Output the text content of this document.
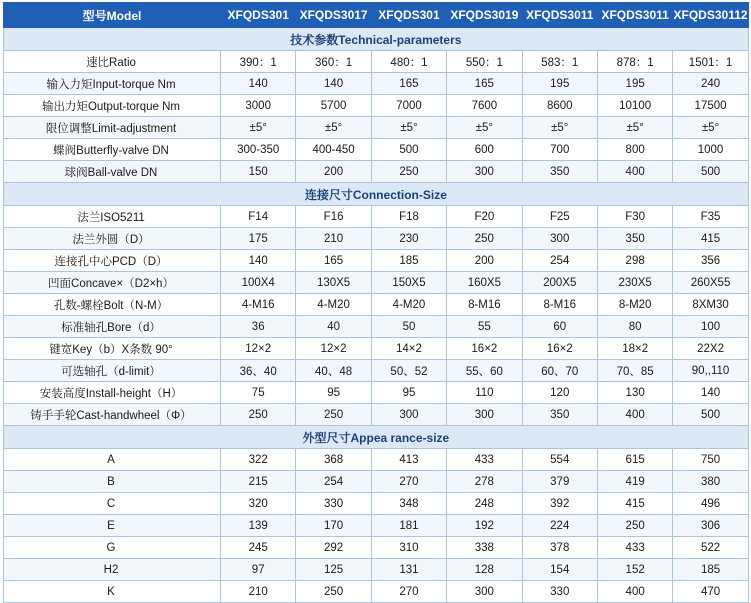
型号Model	XFQDS301	XFQDS3017	XFQDS301	XFQDS3019	XFQDS3011	XFQDS3011	XFQDS30112
技术参数Technical-parameters							
速比Ratio	390：1	360：1	480：1	550：1	583：1	878：1	1501：1
输入力矩Input-torque Nm	140	140	165	165	195	195	240
输出力矩Output-torque Nm	3000	5700	7000	7600	8600	10100	17500
限位调整Limit-adjustment	±5°	±5°	±5°	±5°	±5°	±5°	±5°
蝶阀Butterfly-valve DN	300-350	400-450	500	600	700	800	1000
球阀Ball-valve DN	150	200	250	300	350	400	500
连接尺寸Connection-Size							
法兰ISO5211	F14	F16	F18	F20	F25	F30	F35
法兰外圆（D）	175	210	230	250	300	350	415
连接孔中心PCD（D）	140	165	185	200	254	298	356
凹面Concave×（D2×h）	100X4	130X5	150X5	160X5	200X5	230X5	260X55
孔数-螺栓Bolt（N-M）	4-M16	4-M20	4-M20	8-M16	8-M16	8-M20	8XM30
标准轴孔Bore（d）	36	40	50	55	60	80	100
键宽Key（b）X条数 90°	12×2	12×2	14×2	16×2	16×2	18×2	22X2
可选轴孔（d-limit）	36、40	40、48	50、52	55、60	60、70	70、85	90,,110
安装高度Install-height（H）	75	95	95	110	120	130	140
铸手手轮Cast-handwheel（Φ）	250	250	300	300	350	400	500
外型尺寸Appea rance-size							
A	322	368	413	433	554	615	750
B	215	254	270	278	379	419	380
C	320	330	348	248	392	415	496
E	139	170	181	192	224	250	306
G	245	292	310	338	378	433	522
H2	97	125	131	128	154	152	185
K	210	250	270	300	330	400	470
